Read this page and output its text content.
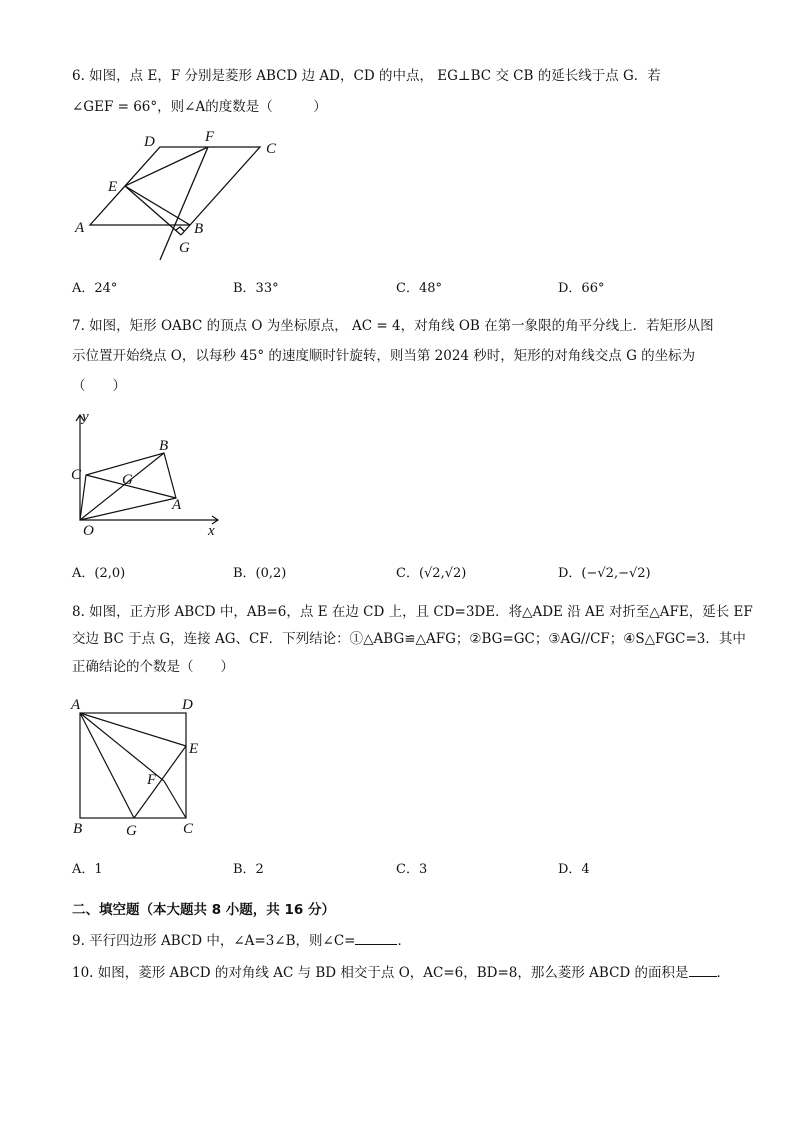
6. 如图，点 E，F 分别是菱形 ABCD 边 AD，CD 的中点， EG⊥BC 交 CB 的延长线于点 G．若
∠GEF = 66°，则∠A的度数是（　　　）
D	F
C
E
A	B
G
A．24°	B．33°	C．48°	D．66°
7. 如图，矩形 OABC 的顶点 O 为坐标原点， AC = 4，对角线 OB 在第一象限的角平分线上．若矩形从图
示位置开始绕点 O，以每秒 45° 的速度顺时针旋转，则当第 2024 秒时，矩形的对角线交点 G 的坐标为
（　　）
y
B
C	G
A
O	x
A．(2,0)	B．(0,2)	C．(√2,√2)	D．(−√2,−√2)
8. 如图，正方形 ABCD 中，AB=6，点 E 在边 CD 上，且 CD=3DE．将△ADE 沿 AE 对折至△AFE，延长 EF
交边 BC 于点 G，连接 AG、CF．下列结论：①△ABG≌△AFG；②BG=GC；③AG//CF；④S△FGC=3．其中
正确结论的个数是（　　）
A	D
E
F
B	G	C
A．1	B．2	C．3	D．4
二、填空题（本大题共 8 小题，共 16 分）
9. 平行四边形 ABCD 中，∠A=3∠B，则∠C=	．
10. 如图，菱形 ABCD 的对角线 AC 与 BD 相交于点 O，AC=6，BD=8，那么菱形 ABCD 的面积是 ．
